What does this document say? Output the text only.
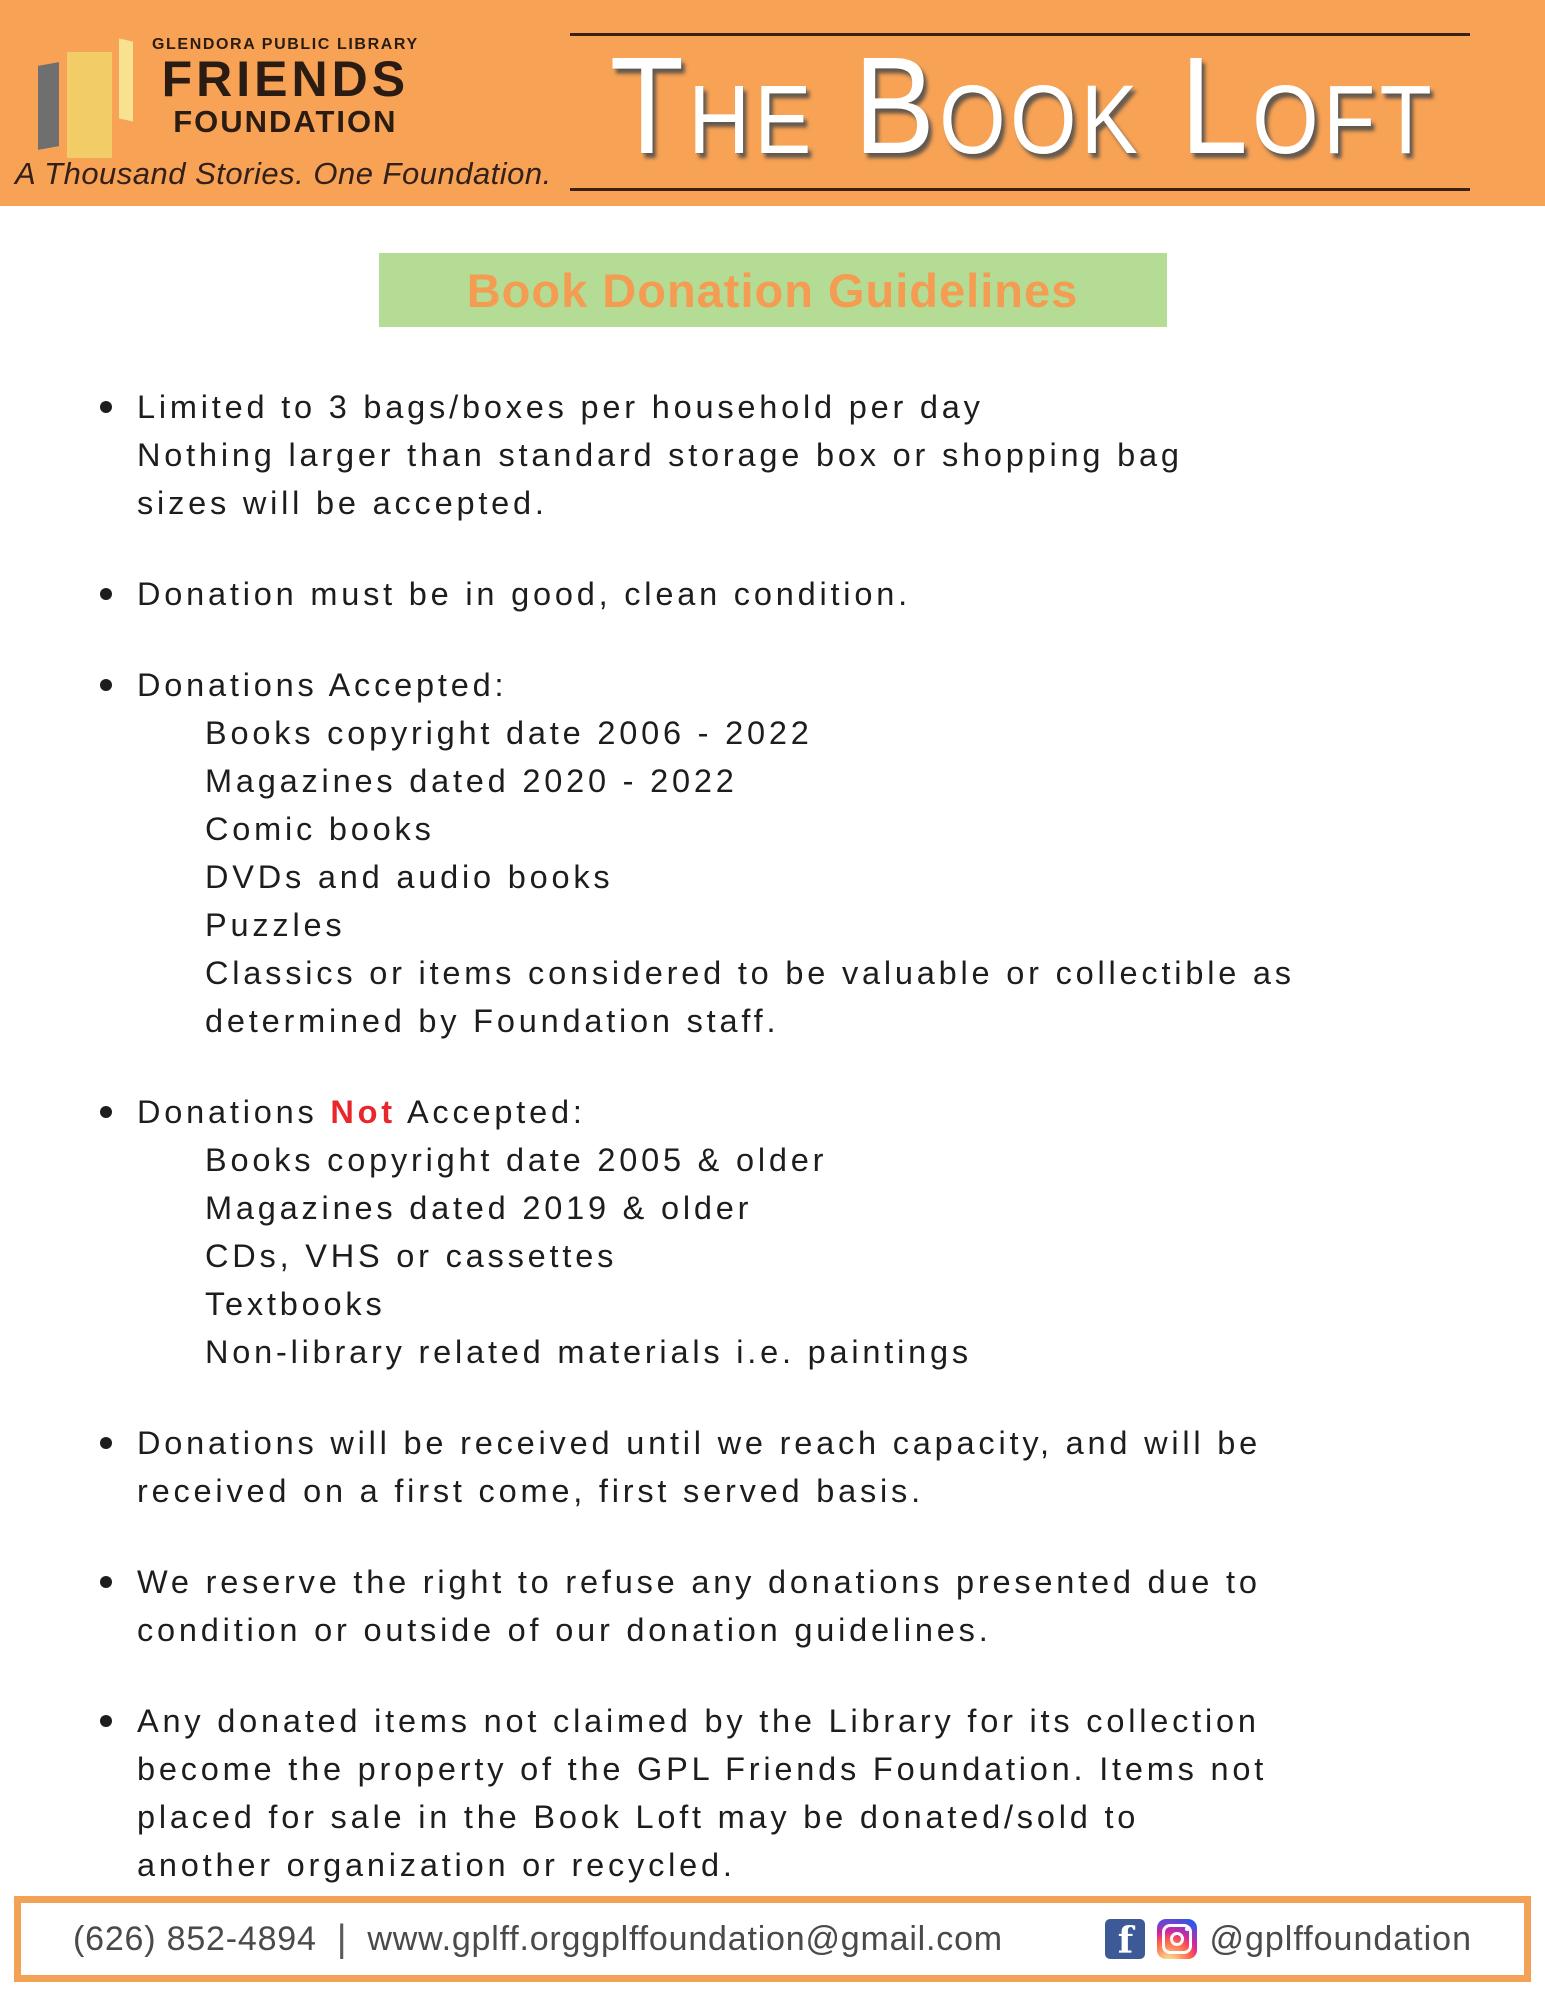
GLENDORA PUBLIC LIBRARY
FRIENDS
FOUNDATION
A Thousand Stories. One Foundation. The Book Loft
Book Donation Guidelines
Limited to 3 bags/boxes per household per day
Nothing larger than standard storage box or shopping bag
sizes will be accepted.
Donation must be in good, clean condition.
Donations Accepted:
Books copyright date 2006 - 2022
Magazines dated 2020 - 2022
Comic books
DVDs and audio books
Puzzles
Classics or items considered to be valuable or collectible as
determined by Foundation staff.
Donations Not Accepted:
Books copyright date 2005 & older
Magazines dated 2019 & older
CDs, VHS or cassettes
Textbooks
Non-library related materials i.e. paintings
Donations will be received until we reach capacity, and will be
received on a first come, first served basis.
We reserve the right to refuse any donations presented due to
condition or outside of our donation guidelines.
Any donated items not claimed by the Library for its collection
become the property of the GPL Friends Foundation. Items not
placed for sale in the Book Loft may be donated/sold to
another organization or recycled.
(626) 852-4894 | www.gplff.orggplffoundation@gmail.com	f	@gplffoundation
